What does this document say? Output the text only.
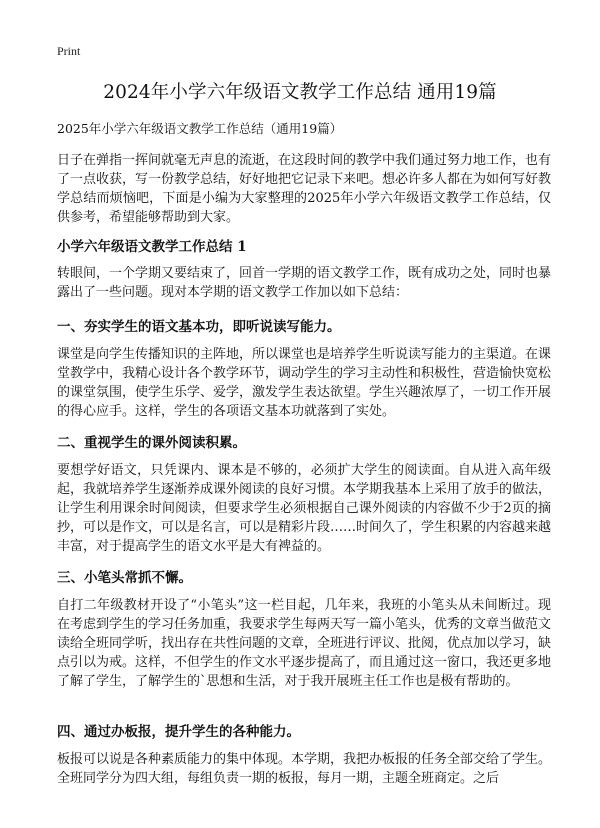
Print
2024年小学六年级语文教学工作总结 通用19篇

2025年小学六年级语文教学工作总结（通用19篇）

日子在弹指一挥间就毫无声息的流逝，在这段时间的教学中我们通过努力地工作，也有了一点收获，写一份教学总结，好好地把它记录下来吧。想必许多人都在为如何写好教学总结而烦恼吧，下面是小编为大家整理的2025年小学六年级语文教学工作总结，仅供参考，希望能够帮助到大家。

小学六年级语文教学工作总结 1

转眼间，一个学期又要结束了，回首一学期的语文教学工作，既有成功之处，同时也暴露出了一些问题。现对本学期的语文教学工作加以如下总结：

一、夯实学生的语文基本功，即听说读写能力。

课堂是向学生传播知识的主阵地，所以课堂也是培养学生听说读写能力的主渠道。在课堂教学中，我精心设计各个教学环节，调动学生的学习主动性和积极性，营造愉快宽松的课堂氛围，使学生乐学、爱学，激发学生表达欲望。学生兴趣浓厚了，一切工作开展的得心应手。这样，学生的各项语文基本功就落到了实处。

二、重视学生的课外阅读积累。

要想学好语文，只凭课内、课本是不够的，必须扩大学生的阅读面。自从进入高年级起，我就培养学生逐渐养成课外阅读的良好习惯。本学期我基本上采用了放手的做法，让学生利用课余时间阅读，但要求学生必须根据自己课外阅读的内容做不少于2页的摘抄，可以是作文，可以是名言，可以是精彩片段……时间久了，学生积累的内容越来越丰富，对于提高学生的语文水平是大有裨益的。

三、小笔头常抓不懈。

自打二年级教材开设了“小笔头”这一栏目起，几年来，我班的小笔头从未间断过。现在考虑到学生的学习任务加重，我要求学生每两天写一篇小笔头，优秀的文章当做范文读给全班同学听，找出存在共性问题的文章，全班进行评议、批阅，优点加以学习，缺点引以为戒。这样，不但学生的作文水平逐步提高了，而且通过这一窗口，我还更多地了解了学生，了解学生的`思想和生活，对于我开展班主任工作也是极有帮助的。

四、通过办板报，提升学生的各种能力。

板报可以说是各种素质能力的集中体现。本学期，我把办板报的任务全部交给了学生。全班同学分为四大组，每组负责一期的板报，每月一期，主题全班商定。之后
